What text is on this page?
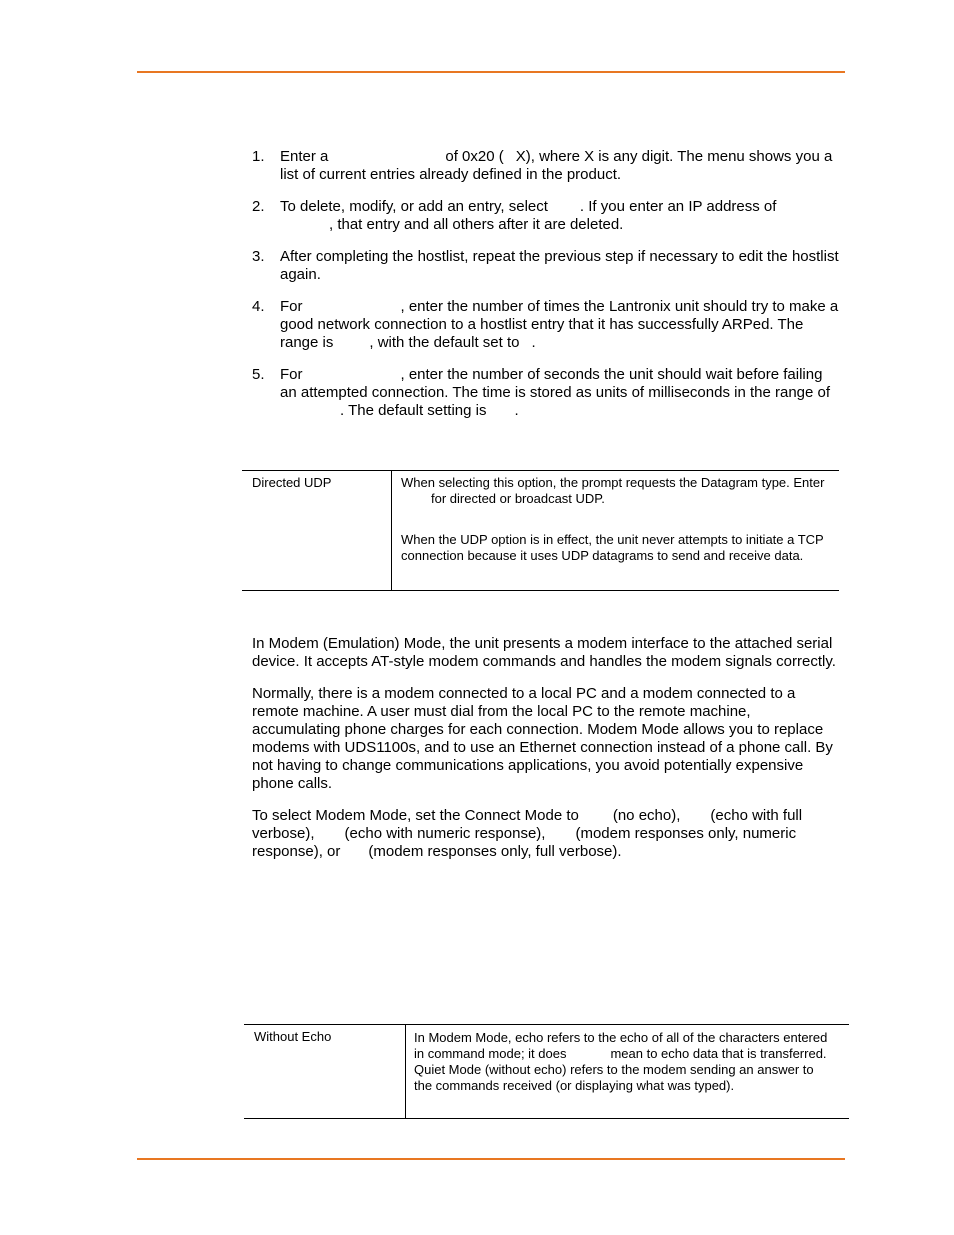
1. Enter a	of 0x20 ( X), where X is any digit. The menu shows you a list of current entries already defined in the product.
2. To delete, modify, or add an entry, select . If you enter an IP address of
, that entry and all others after it are deleted.
3. After completing the hostlist, repeat the previous step if necessary to edit the hostlist again.
4. For	, enter the number of times the Lantronix unit should try to make a good network connection to a hostlist entry that it has successfully ARPed. The range is , with the default set to .
5. For	, enter the number of seconds the unit should wait before failing an attempted connection. The time is stored as units of milliseconds in the range of. The default setting is .
Directed UDP	When selecting this option, the prompt requests the Datagram type. Enterfor directed or broadcast UDP.

When the UDP option is in effect, the unit never attempts to initiate a TCP connection because it uses UDP datagrams to send and receive data.

In Modem (Emulation) Mode, the unit presents a modem interface to the attached serial device. It accepts AT-style modem commands and handles the modem signals correctly.

Normally, there is a modem connected to a local PC and a modem connected to a remote machine. A user must dial from the local PC to the remote machine, accumulating phone charges for each connection. Modem Mode allows you to replace modems with UDS1100s, and to use an Ethernet connection instead of a phone call. By not having to change communications applications, you avoid potentially expensive phone calls.

To select Modem Mode, set the Connect Mode to (no echo), (echo with full verbose), (echo with numeric response), (modem responses only, numeric response), or (modem responses only, full verbose).

Without Echo	In Modem Mode, echo refers to the echo of all of the characters entered in command mode; it does	mean to echo data that is transferred. Quiet Mode (without echo) refers to the modem sending an answer to the commands received (or displaying what was typed).
